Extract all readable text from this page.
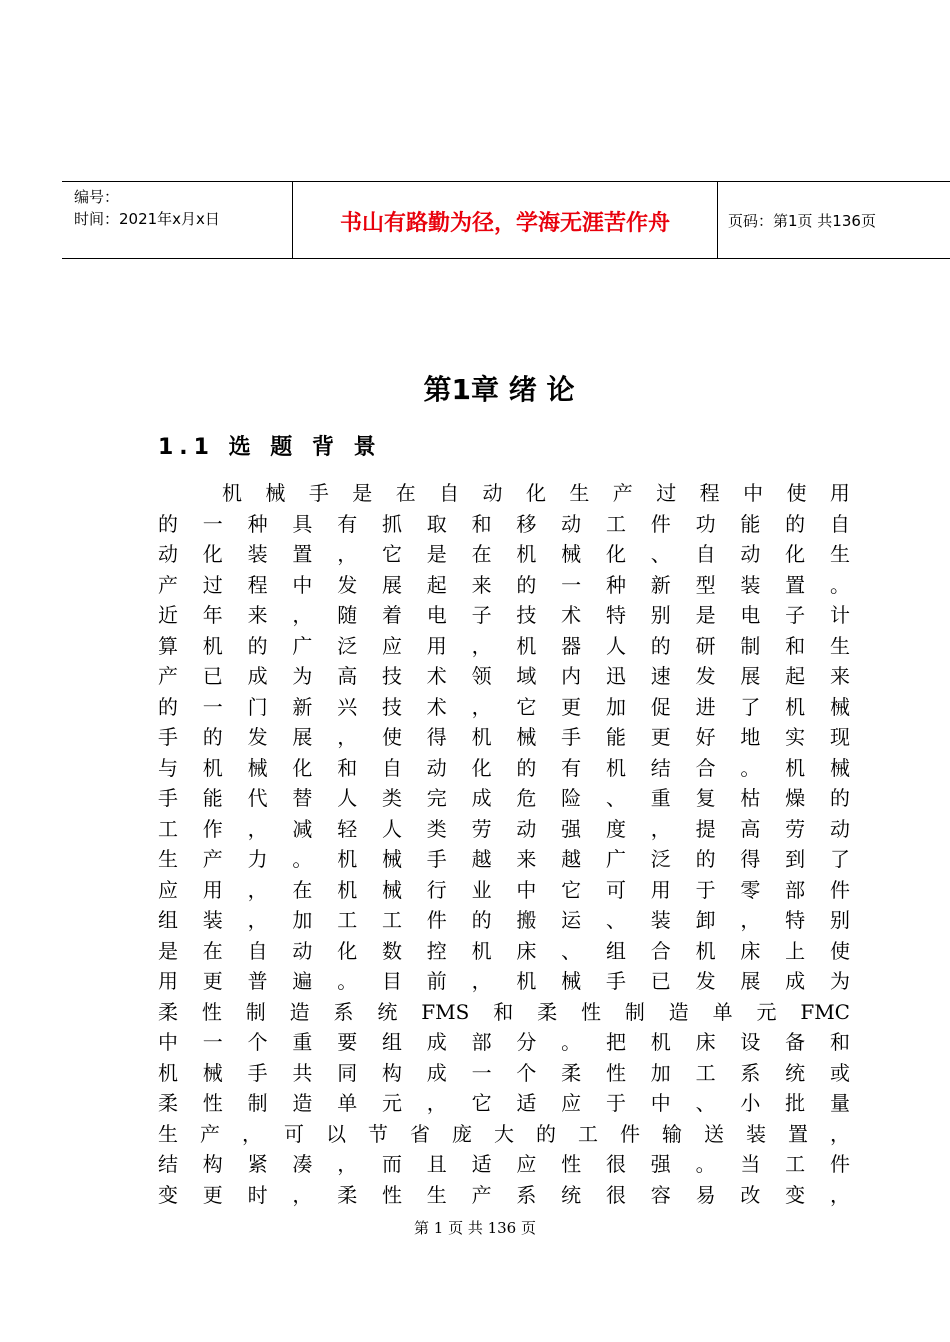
编号：
时间：2021年x月x日	书山有路勤为径，学海无涯苦作舟	页码：第1页 共136页
第1章 绪 论
1.1 选 题 背 景
机 械 手 是 在 自 动 化 生 产 过 程 中 使 用
的 一 种 具 有 抓 取 和 移 动 工 件 功 能 的 自
动 化 装 置 ， 它 是 在 机 械 化 、 自 动 化 生
产 过 程 中 发 展 起 来 的 一 种 新 型 装 置 。
近 年 来 ， 随 着 电 子 技 术 特 别 是 电 子 计
算 机 的 广 泛 应 用 ， 机 器 人 的 研 制 和 生
产 已 成 为 高 技 术 领 域 内 迅 速 发 展 起 来
的 一 门 新 兴 技 术 ， 它 更 加 促 进 了 机 械
手 的 发 展 ， 使 得 机 械 手 能 更 好 地 实 现
与 机 械 化 和 自 动 化 的 有 机 结 合 。 机 械
手 能 代 替 人 类 完 成 危 险 、 重 复 枯 燥 的
工 作 ， 减 轻 人 类 劳 动 强 度 ， 提 高 劳 动
生 产 力 。 机 械 手 越 来 越 广 泛 的 得 到 了
应 用 ， 在 机 械 行 业 中 它 可 用 于 零 部 件
组 装 ， 加 工 工 件 的 搬 运 、 装 卸 ， 特 别
是 在 自 动 化 数 控 机 床 、 组 合 机 床 上 使
用 更 普 遍 。 目 前 ， 机 械 手 已 发 展 成 为
柔 性 制 造 系 统 FMS 和 柔 性 制 造 单 元 FMC
中 一 个 重 要 组 成 部 分 。 把 机 床 设 备 和
机 械 手 共 同 构 成 一 个 柔 性 加 工 系 统 或
柔 性 制 造 单 元 ， 它 适 应 于 中 、 小 批 量
生 产 ， 可 以 节 省 庞 大 的 工 件 输 送 装 置 ，
结 构 紧 凑 ， 而 且 适 应 性 很 强 。 当 工 件
变 更 时 ， 柔 性 生 产 系 统 很 容 易 改 变 ，
第 1 页 共 136 页
